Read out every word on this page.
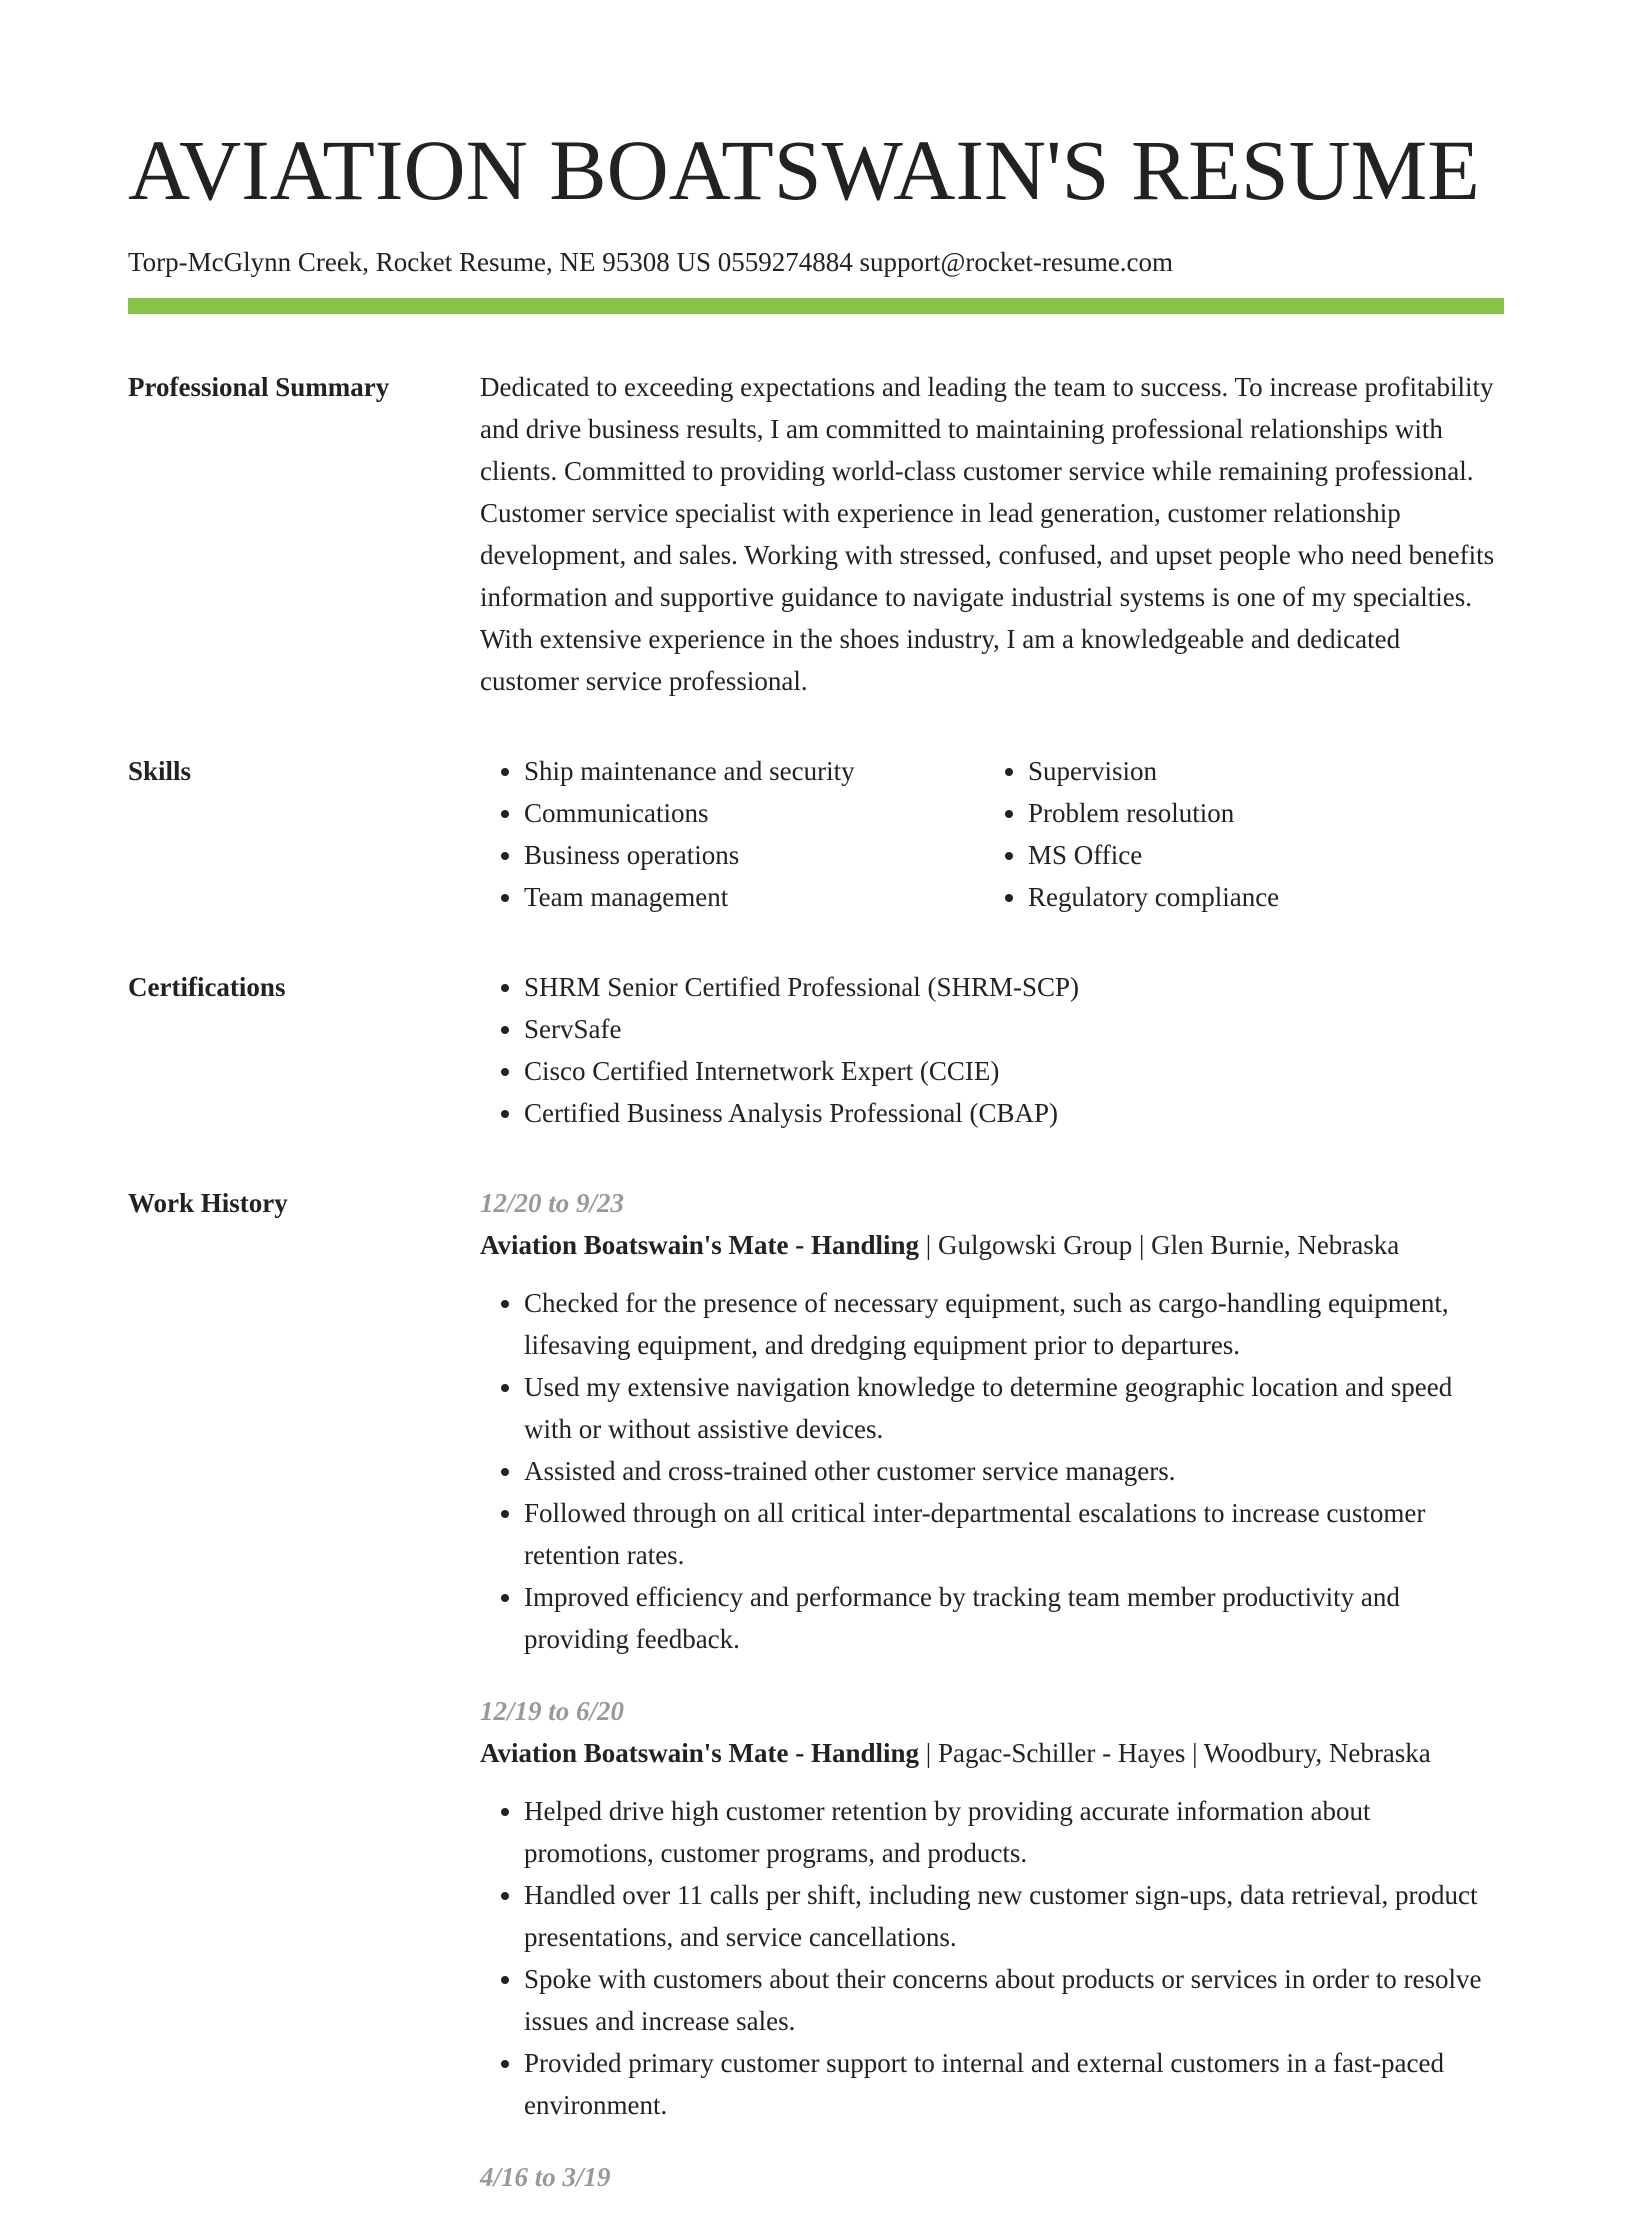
AVIATION BOATSWAIN'S RESUME
Torp-McGlynn Creek, Rocket Resume, NE 95308 US 0559274884 support@rocket-resume.com
Professional Summary	Dedicated to exceeding expectations and leading the team to success. To increase profitability and drive business results, I am committed to maintaining professional relationships with clients. Committed to providing world-class customer service while remaining professional. Customer service specialist with experience in lead generation, customer relationship development, and sales. Working with stressed, confused, and upset people who need benefits information and supportive guidance to navigate industrial systems is one of my specialties. With extensive experience in the shoes industry, I am a knowledgeable and dedicated customer service professional.

Skills	• Ship maintenance and security
• Communications
• Business operations
• Team management
• Supervision
• Problem resolution
• MS Office
• Regulatory compliance
Certifications	• SHRM Senior Certified Professional (SHRM-SCP)
• ServSafe
• Cisco Certified Internetwork Expert (CCIE)
• Certified Business Analysis Professional (CBAP)
Work History	12/20 to 9/23
Aviation Boatswain's Mate - Handling | Gulgowski Group | Glen Burnie, Nebraska
• Checked for the presence of necessary equipment, such as cargo-handling equipment, lifesaving equipment, and dredging equipment prior to departures.
• Used my extensive navigation knowledge to determine geographic location and speed with or without assistive devices.
• Assisted and cross-trained other customer service managers.
• Followed through on all critical inter-departmental escalations to increase customer retention rates.
• Improved efficiency and performance by tracking team member productivity and providing feedback.
12/19 to 6/20
Aviation Boatswain's Mate - Handling | Pagac-Schiller - Hayes | Woodbury, Nebraska
• Helped drive high customer retention by providing accurate information about promotions, customer programs, and products.
• Handled over 11 calls per shift, including new customer sign-ups, data retrieval, product presentations, and service cancellations.
• Spoke with customers about their concerns about products or services in order to resolve issues and increase sales.
• Provided primary customer support to internal and external customers in a fast-paced environment.
4/16 to 3/19
